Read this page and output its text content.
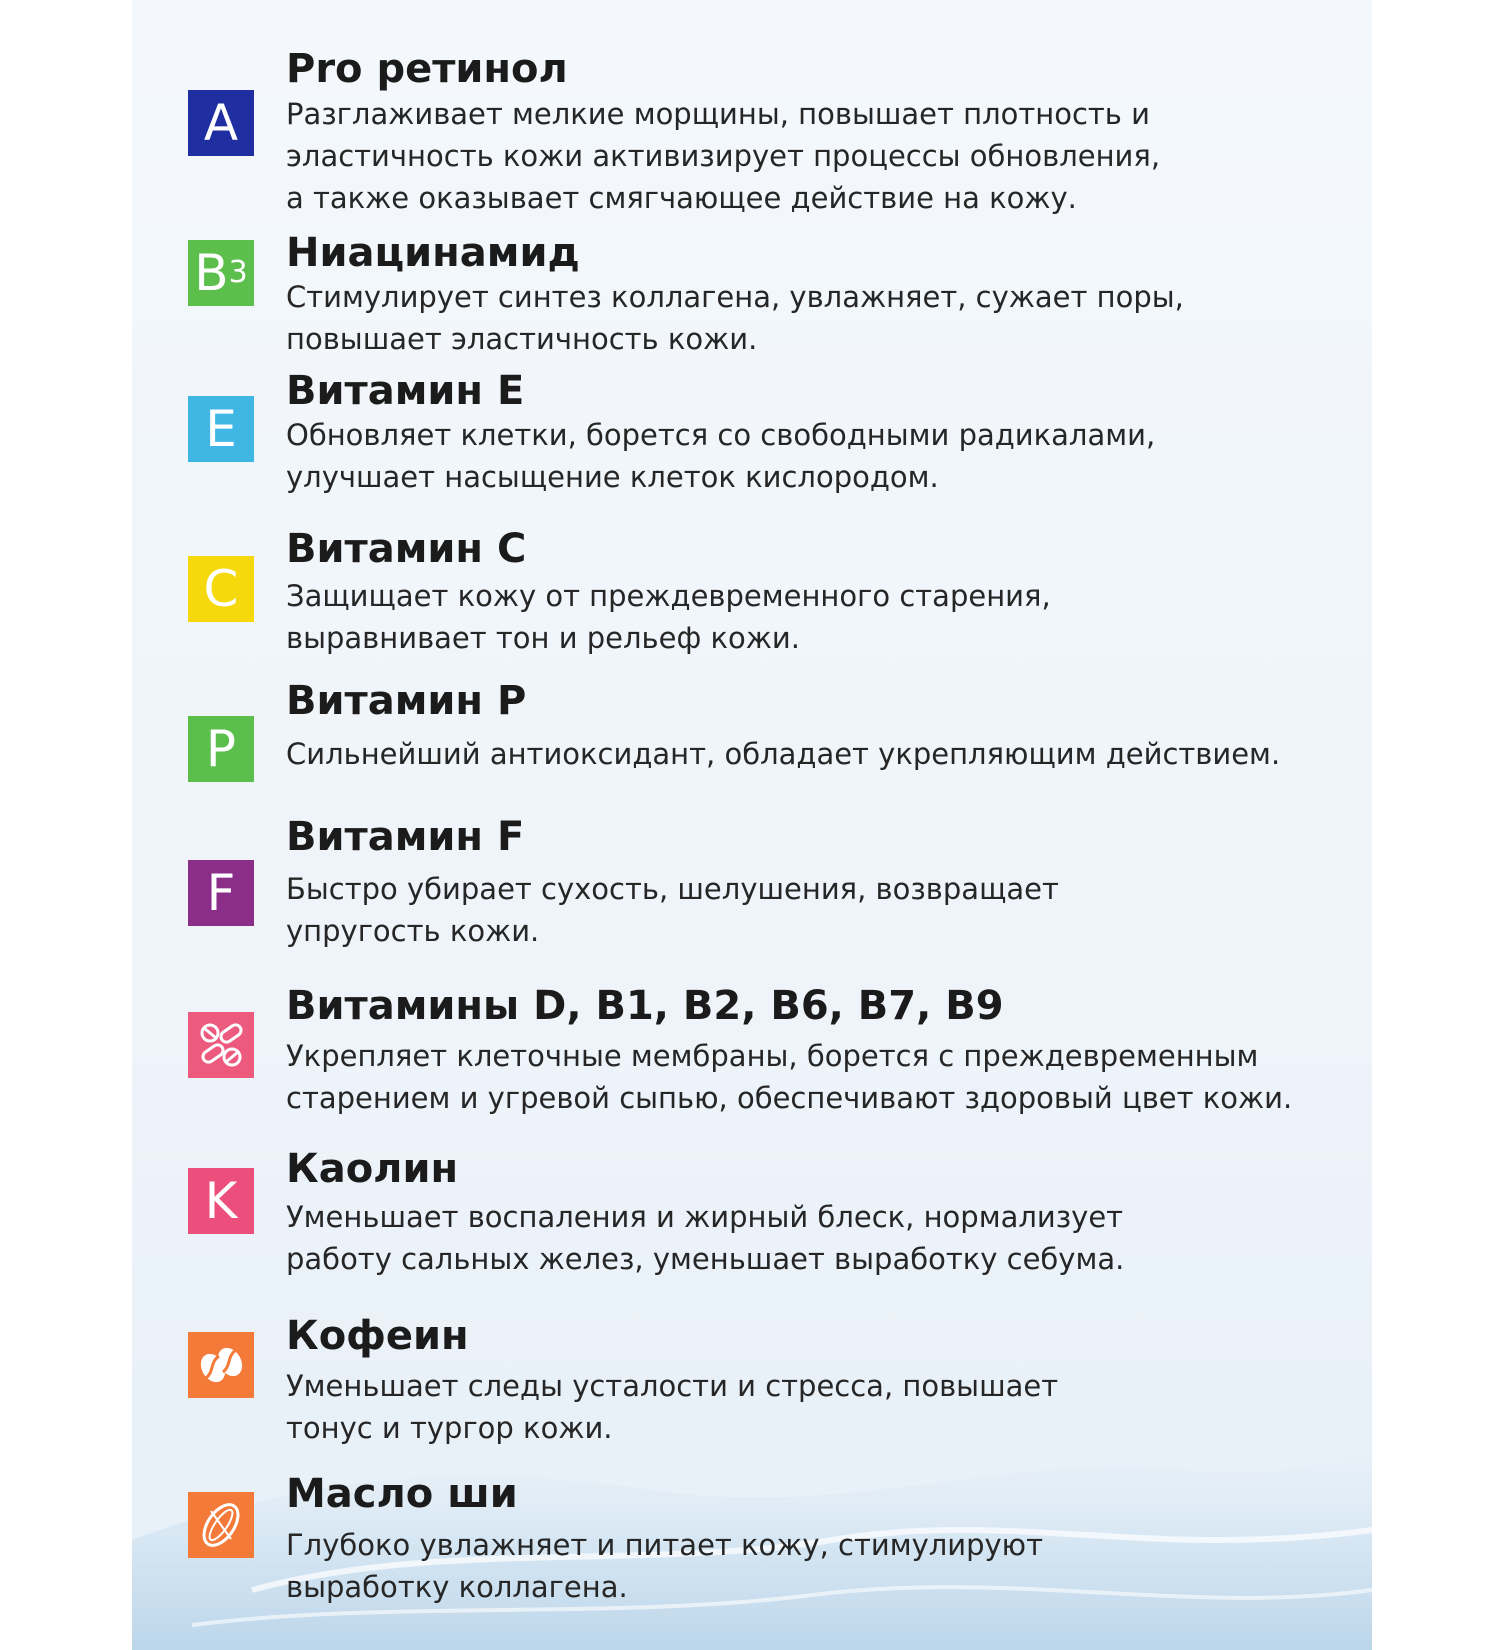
A
Pro ретинол

Разглаживает мелкие морщины, повышает плотность и
эластичность кожи активизирует процессы обновления,
а также оказывает смягчающее действие на кожу.

B 3 Ниацинамид

Стимулирует синтез коллагена, увлажняет, сужает поры,
повышает эластичность кожи.

E
Витамин Е

Обновляет клетки, борется со свободными радикалами,
улучшает насыщение клеток кислородом.

C
Витамин С

Защищает кожу от преждевременного старения,
выравнивает тон и рельеф кожи.

P
Витамин P

Сильнейший антиоксидант, обладает укрепляющим действием.

F
Витамин F

Быстро убирает сухость, шелушения, возвращает
упругость кожи.

Витамины D, B1, B2, B6, B7, B9

Укрепляет клеточные мембраны, борется с преждевременным
старением и угревой сыпью, обеспечивают здоровый цвет кожи.

K
Каолин

Уменьшает воспаления и жирный блеск, нормализует
работу сальных желез, уменьшает выработку себума.

Кофеин

Уменьшает следы усталости и стресса, повышает
тонус и тургор кожи.

Масло ши

Глубоко увлажняет и питает кожу, стимулируют
выработку коллагена.
